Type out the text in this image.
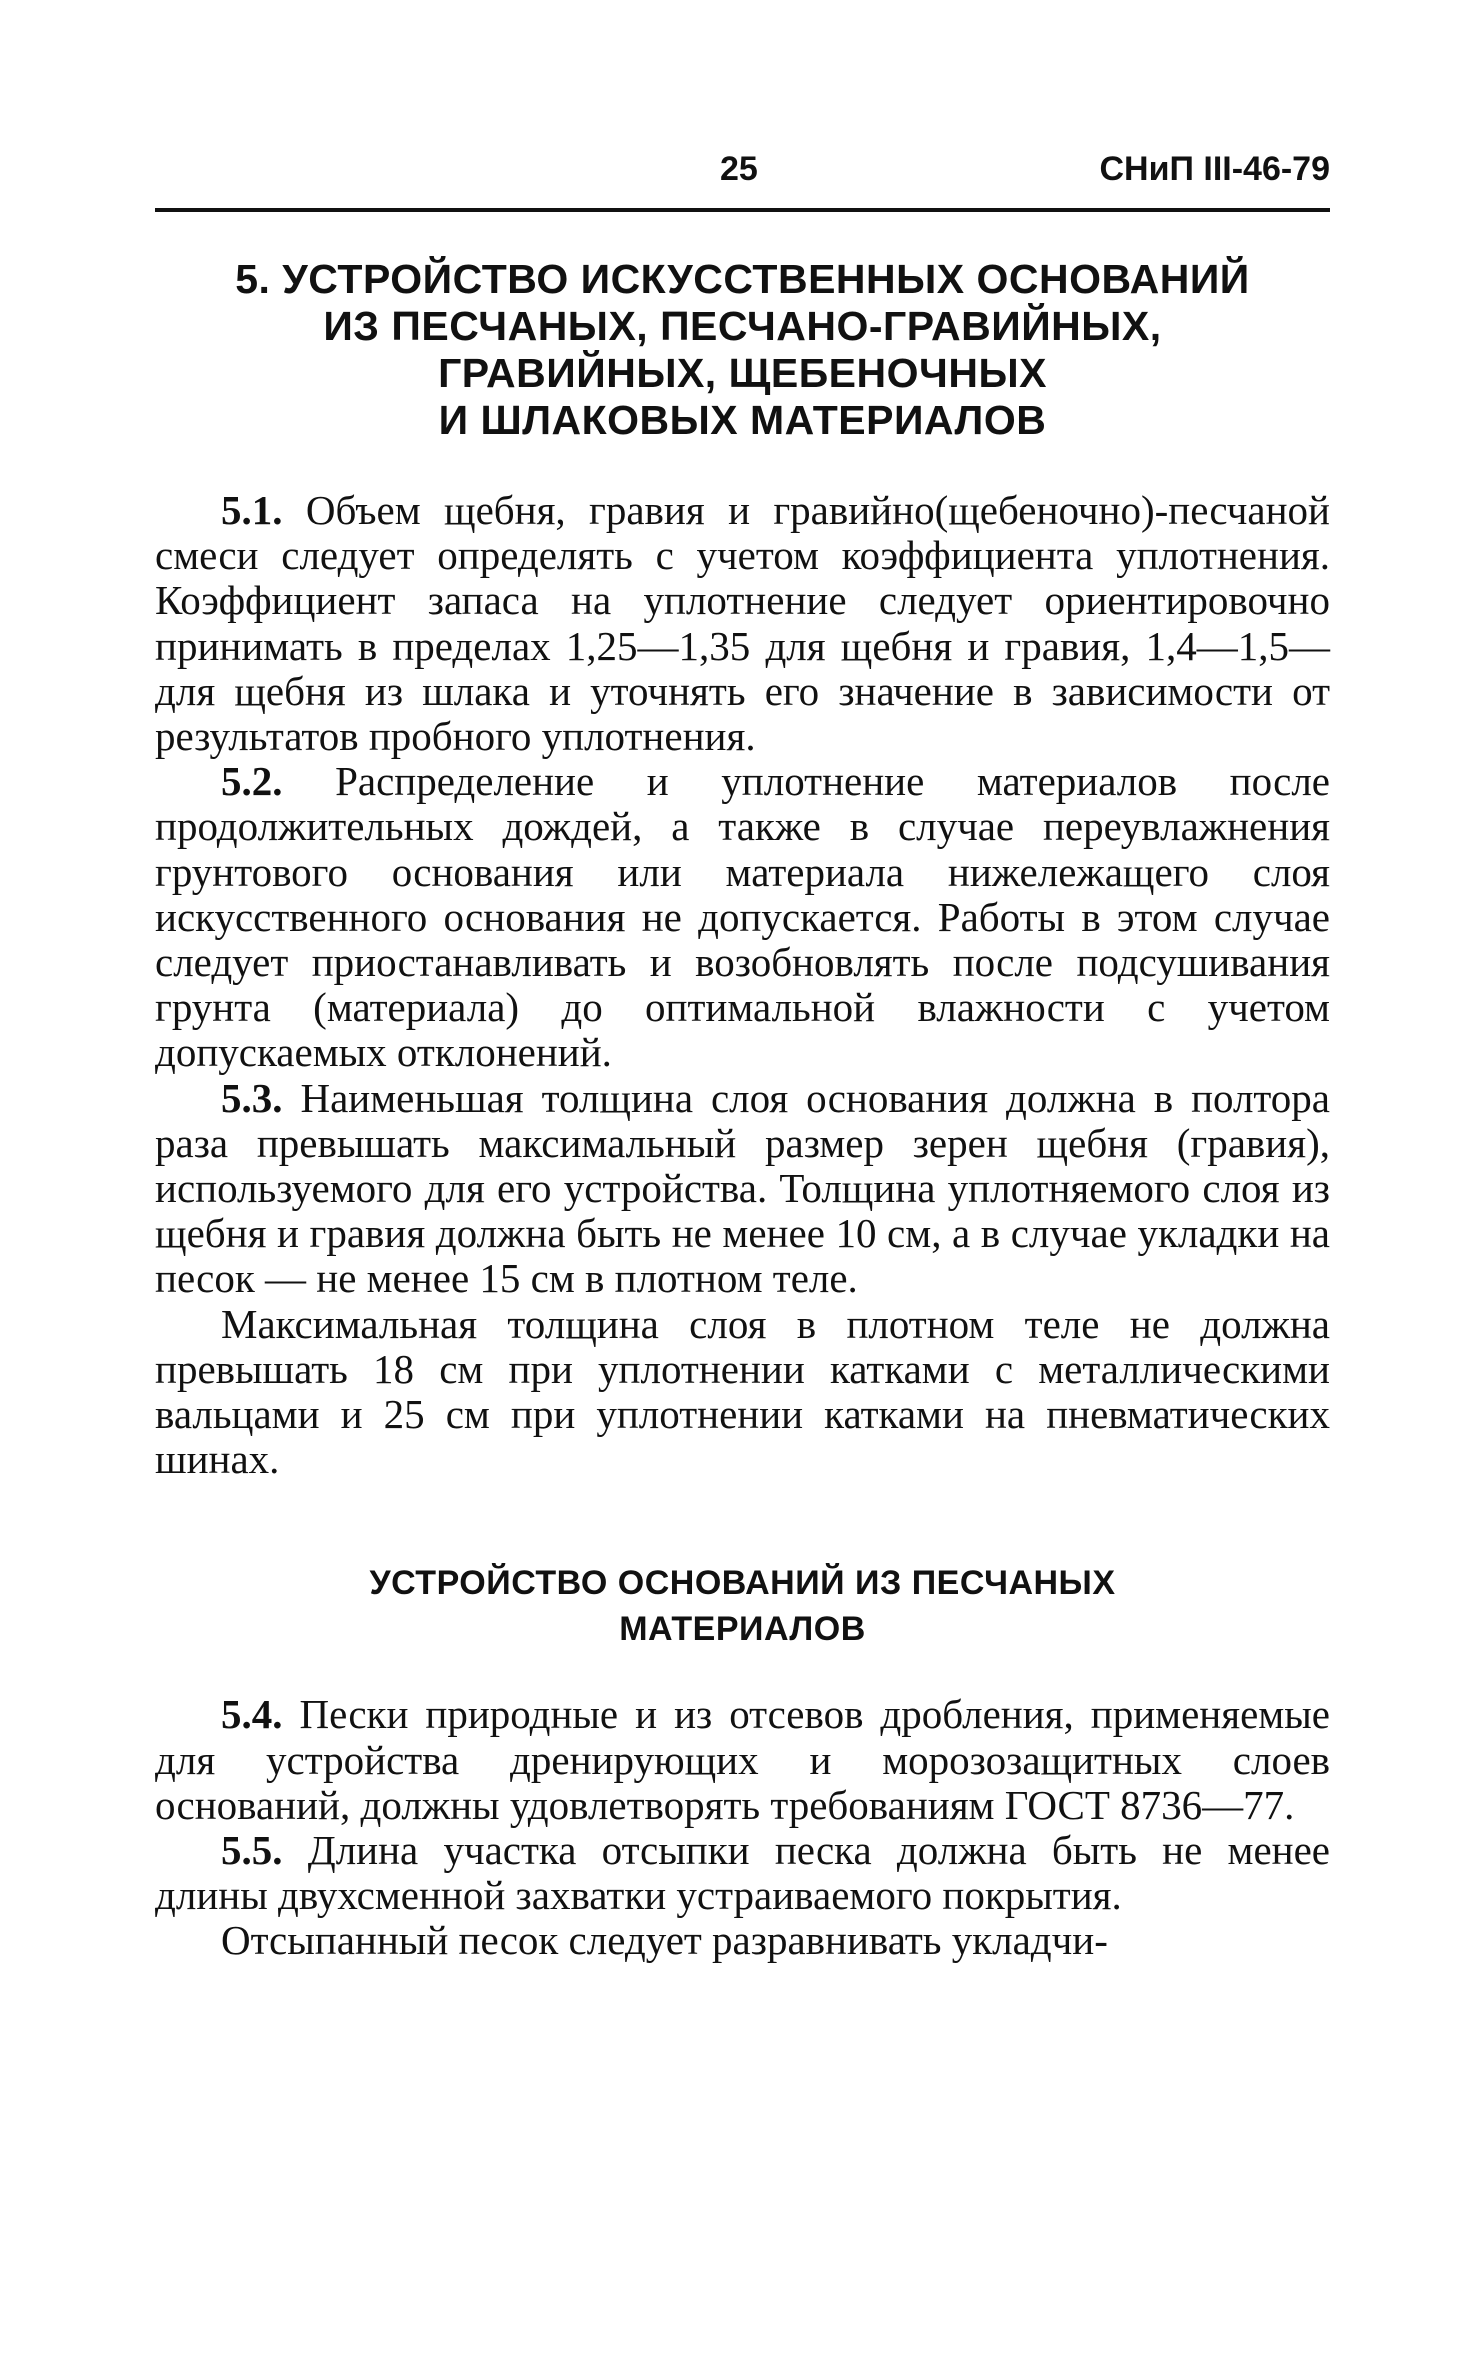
25	СНиП III-46-79
5. УСТРОЙСТВО ИСКУССТВЕННЫХ ОСНОВАНИЙ
ИЗ ПЕСЧАНЫХ, ПЕСЧАНО-ГРАВИЙНЫХ,
ГРАВИЙНЫХ, ЩЕБЕНОЧНЫХ
И ШЛАКОВЫХ МАТЕРИАЛОВ

5.1. Объем щебня, гравия и гравийно(щебеночно)-песчаной смеси следует определять с учетом коэффициента уплотнения. Коэффициент запаса на уплотнение следует ориентировочно принимать в пределах 1,25—1,35 для щебня и гравия, 1,4—1,5—для щебня из шлака и уточнять его значение в зависимости от результатов пробного уплотнения.

5.2. Распределение и уплотнение материалов после продолжительных дождей, а также в случае переувлажнения грунтового основания или материала нижележащего слоя искусственного основания не допускается. Работы в этом случае следует приостанавливать и возобновлять после подсушивания грунта (материала) до оптимальной влажности с учетом допускаемых отклонений.

5.3. Наименьшая толщина слоя основания должна в полтора раза превышать максимальный размер зерен щебня (гравия), используемого для его устройства. Толщина уплотняемого слоя из щебня и гравия должна быть не менее 10 см, а в случае укладки на песок — не менее 15 см в плотном теле.

Максимальная толщина слоя в плотном теле не должна превышать 18 см при уплотнении катками с металлическими вальцами и 25 см при уплотнении катками на пневматических шинах.

УСТРОЙСТВО ОСНОВАНИЙ ИЗ ПЕСЧАНЫХ
МАТЕРИАЛОВ

5.4. Пески природные и из отсевов дробления, применяемые для устройства дренирующих и морозозащитных слоев оснований, должны удовлетворять требованиям ГОСТ 8736—77.

5.5. Длина участка отсыпки песка должна быть не менее длины двухсменной захватки устраиваемого покрытия.

Отсыпанный песок следует разравнивать укладчи-
